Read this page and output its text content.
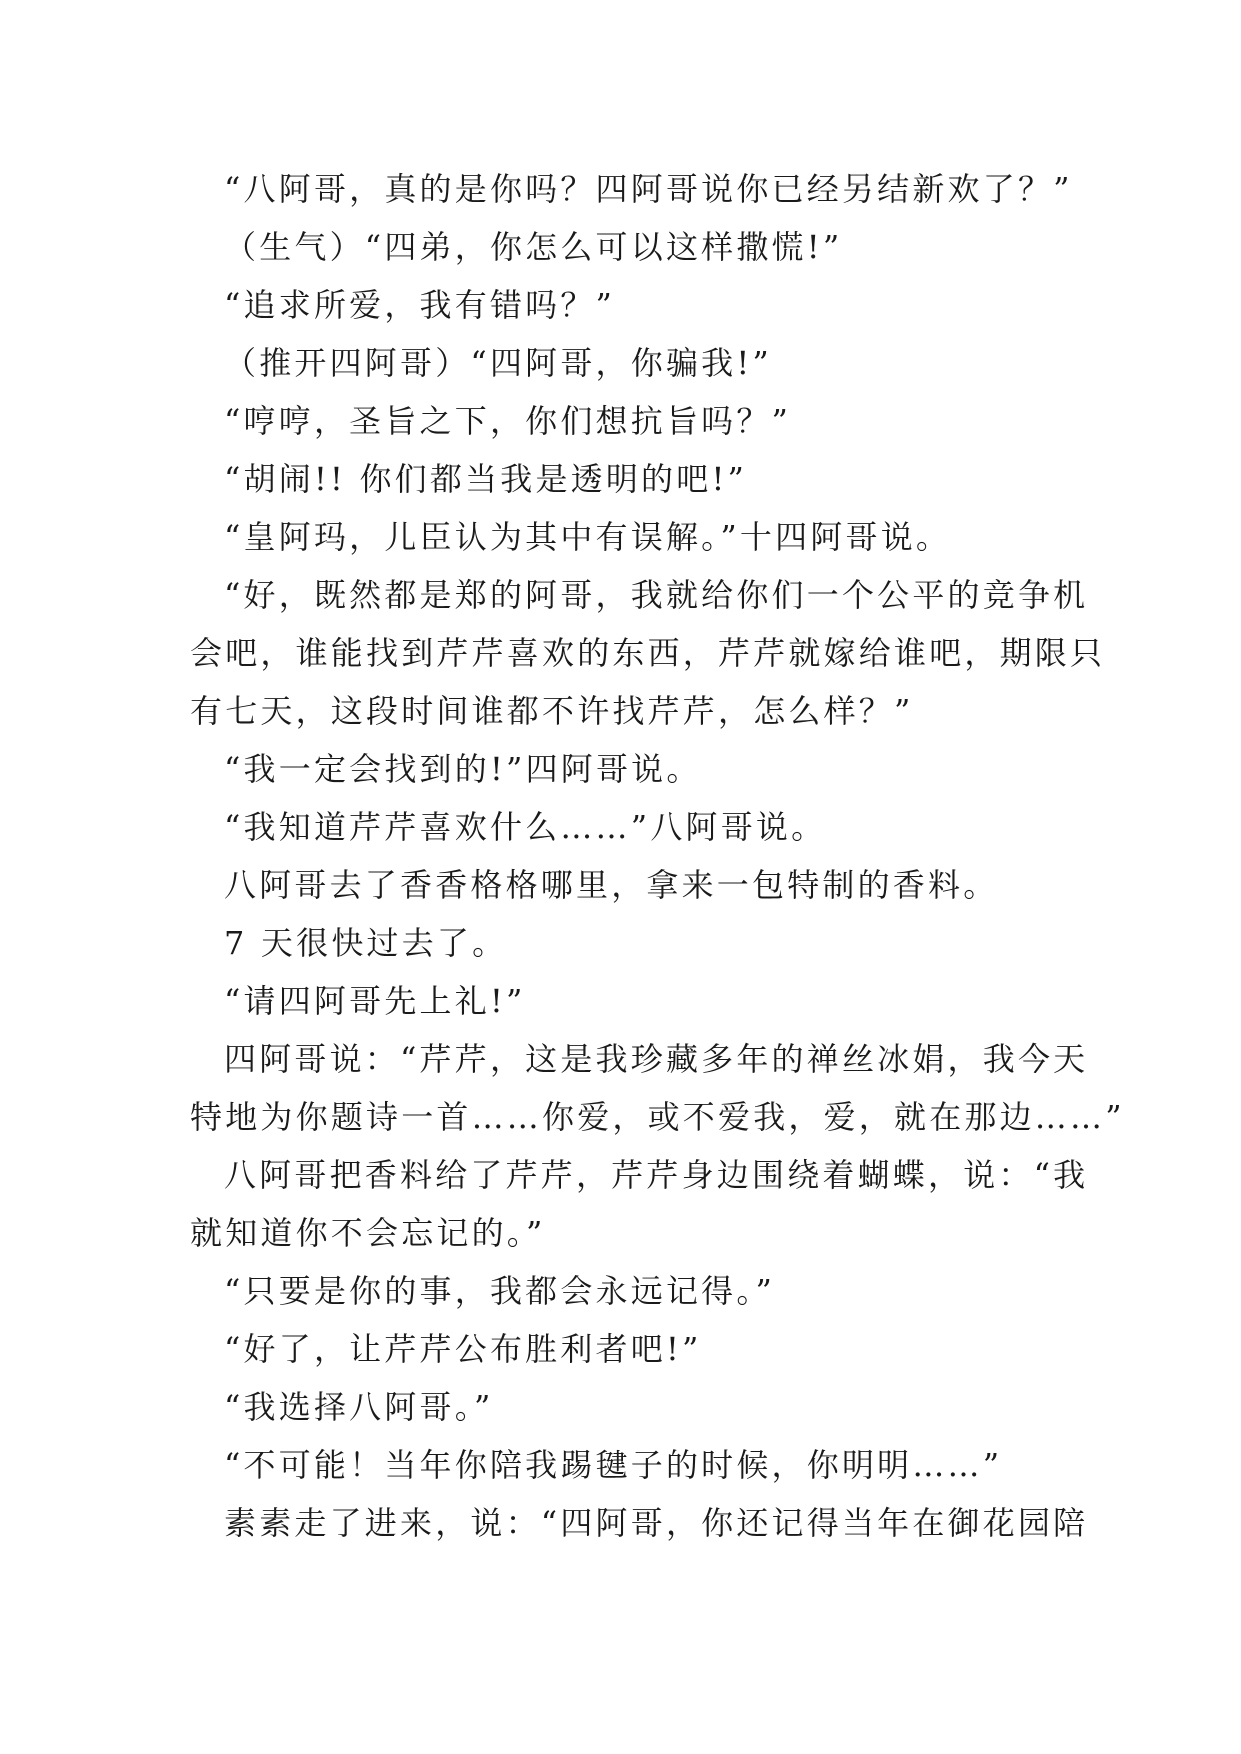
“八阿哥，真的是你吗？四阿哥说你已经另结新欢了？”
（生气）“四弟，你怎么可以这样撒慌!”
“追求所爱，我有错吗？”
（推开四阿哥）“四阿哥，你骗我!”
“哼哼，圣旨之下，你们想抗旨吗？”
“胡闹!! 你们都当我是透明的吧!”
“皇阿玛，儿臣认为其中有误解。”十四阿哥说。
“好，既然都是郑的阿哥，我就给你们一个公平的竞争机
会吧，谁能找到芹芹喜欢的东西，芹芹就嫁给谁吧，期限只
有七天，这段时间谁都不许找芹芹，怎么样？”
“我一定会找到的!”四阿哥说。
“我知道芹芹喜欢什么……”八阿哥说。
八阿哥去了香香格格哪里，拿来一包特制的香料。
7 天很快过去了。
“请四阿哥先上礼!”
四阿哥说：“芹芹，这是我珍藏多年的禅丝冰娟，我今天
特地为你题诗一首……你爱，或不爱我，爱，就在那边……”
八阿哥把香料给了芹芹，芹芹身边围绕着蝴蝶，说：“我
就知道你不会忘记的。”
“只要是你的事，我都会永远记得。”
“好了，让芹芹公布胜利者吧!”
“我选择八阿哥。”
“不可能！当年你陪我踢毽子的时候，你明明……”
素素走了进来，说：“四阿哥，你还记得当年在御花园陪
